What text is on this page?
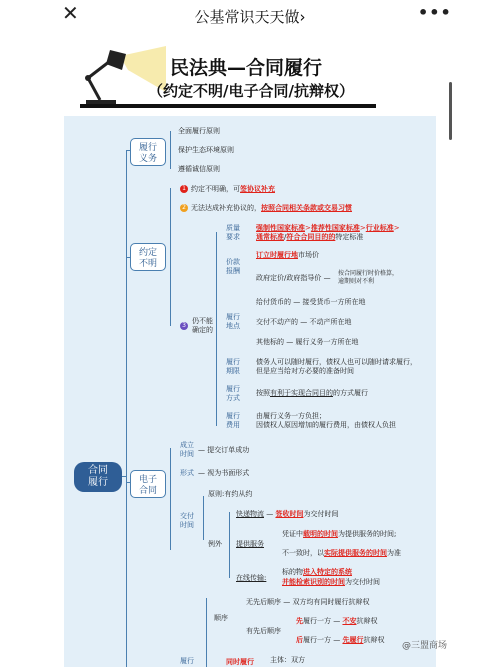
✕	公基常识天天做›	•••
民法典—合同履行
（约定不明/电子合同/抗辩权）
合同
履行
履行
义务
全面履行原则
保护生态环境原则
遵循诚信原则
约定
不明
1 约定不明确，可签协议补充
2 无法达成补充协议的，按照合同相关条款或交易习惯
3
仍不能
确定的
质量
要求
强制性国家标准>推荐性国家标准>行业标准>
通常标准/符合合同目的的特定标准
价款
报酬
订立时履行地市场价
政府定价/政府指导价 —
按合同履行时价格算，
逾期则对不利
履行
地点
给付货币的 — 接受货币一方所在地
交付不动产的 — 不动产所在地
其他标的 — 履行义务一方所在地
履行
期限
债务人可以随时履行，债权人也可以随时请求履行，
但是应当给对方必要的准备时间
履行
方式
按照有利于实现合同目的的方式履行
履行
费用
由履行义务一方负担；
因债权人原因增加的履行费用，由债权人负担
电子
合同
成立
时间 — 提交订单成功
形式 — 视为书面形式
交付
时间
原则:有约从约
例外
快递物流 — 签收时间为交付时间
提供服务
凭证中载明的时间为提供服务的时间;
不一致时，以实际提供服务的时间为准
在线传输:
标的物进入特定的系统
并能检索识别的时间为交付时间
顺序
无先后顺序 — 双方均有同时履行抗辩权
有先后顺序
先履行一方 — 不安抗辩权
后履行一方 — 先履行抗辩权
履行	同时履行 主体：双方
@三盟商场
